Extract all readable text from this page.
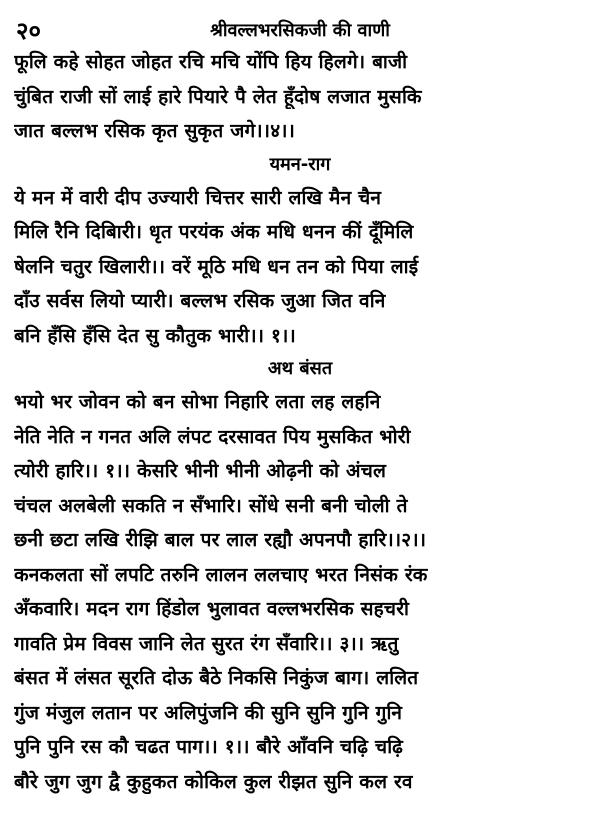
२०	श्रीवल्लभरसिकजी की वाणी
फूलि कहे सोहत जोहत रचि मचि योंपि हिय हिलगे। बाजी
चुंबित राजी सों लाई हारे पियारे पै लेत हूँदोष लजात मुसकि
जात बल्लभ रसिक कृत सुकृत जगे।।४।।
यमन-राग
ये मन में वारी दीप उज्यारी चित्तर सारी लखि मैन चैन
मिलि रैनि दिबिारी। धृत परयंक अंक मधि धनन कीं दूँमिलि
षेलनि चतुर खिलारी।। वरें मूठि मधि धन तन को पिया लाई
दाँउ सर्वस लियो प्यारी। बल्लभ रसिक जुआ जित वनि
बनि हँसि हँसि देत सु कौतुक भारी।। १।।
अथ बंसत
भयो भर जोवन को बन सोभा निहारि लता लह लहनि
नेति नेति न गनत अलि लंपट दरसावत पिय मुसकित भोरी
त्योरी हारि।। १।। केसरि भीनी भीनी ओढ़नी को अंचल
चंचल अलबेली सकति न सँभारि। सोंधे सनी बनी चोली ते
छनी छटा लखि रीझि बाल पर लाल रह्यौ अपनपौ हारि।।२।।
कनकलता सों लपटि तरुनि लालन ललचाए भरत निसंक रंक
अँकवारि। मदन राग हिंडोल भुलावत वल्लभरसिक सहचरी
गावति प्रेम विवस जानि लेत सुरत रंग सँवारि।। ३।। ऋतु
बंसत में लंसत सूरति दोऊ बैठे निकसि निकुंज बाग। ललित
गुंज मंजुल लतान पर अलिपुंजनि की सुनि सुनि गुनि गुनि
पुनि पुनि रस कौ चढत पाग।। १।। बौरे आँवनि चढ़ि चढ़ि
बौरे जुग जुग द्वै कुहुकत कोकिल कुल रीझत सुनि कल रव
